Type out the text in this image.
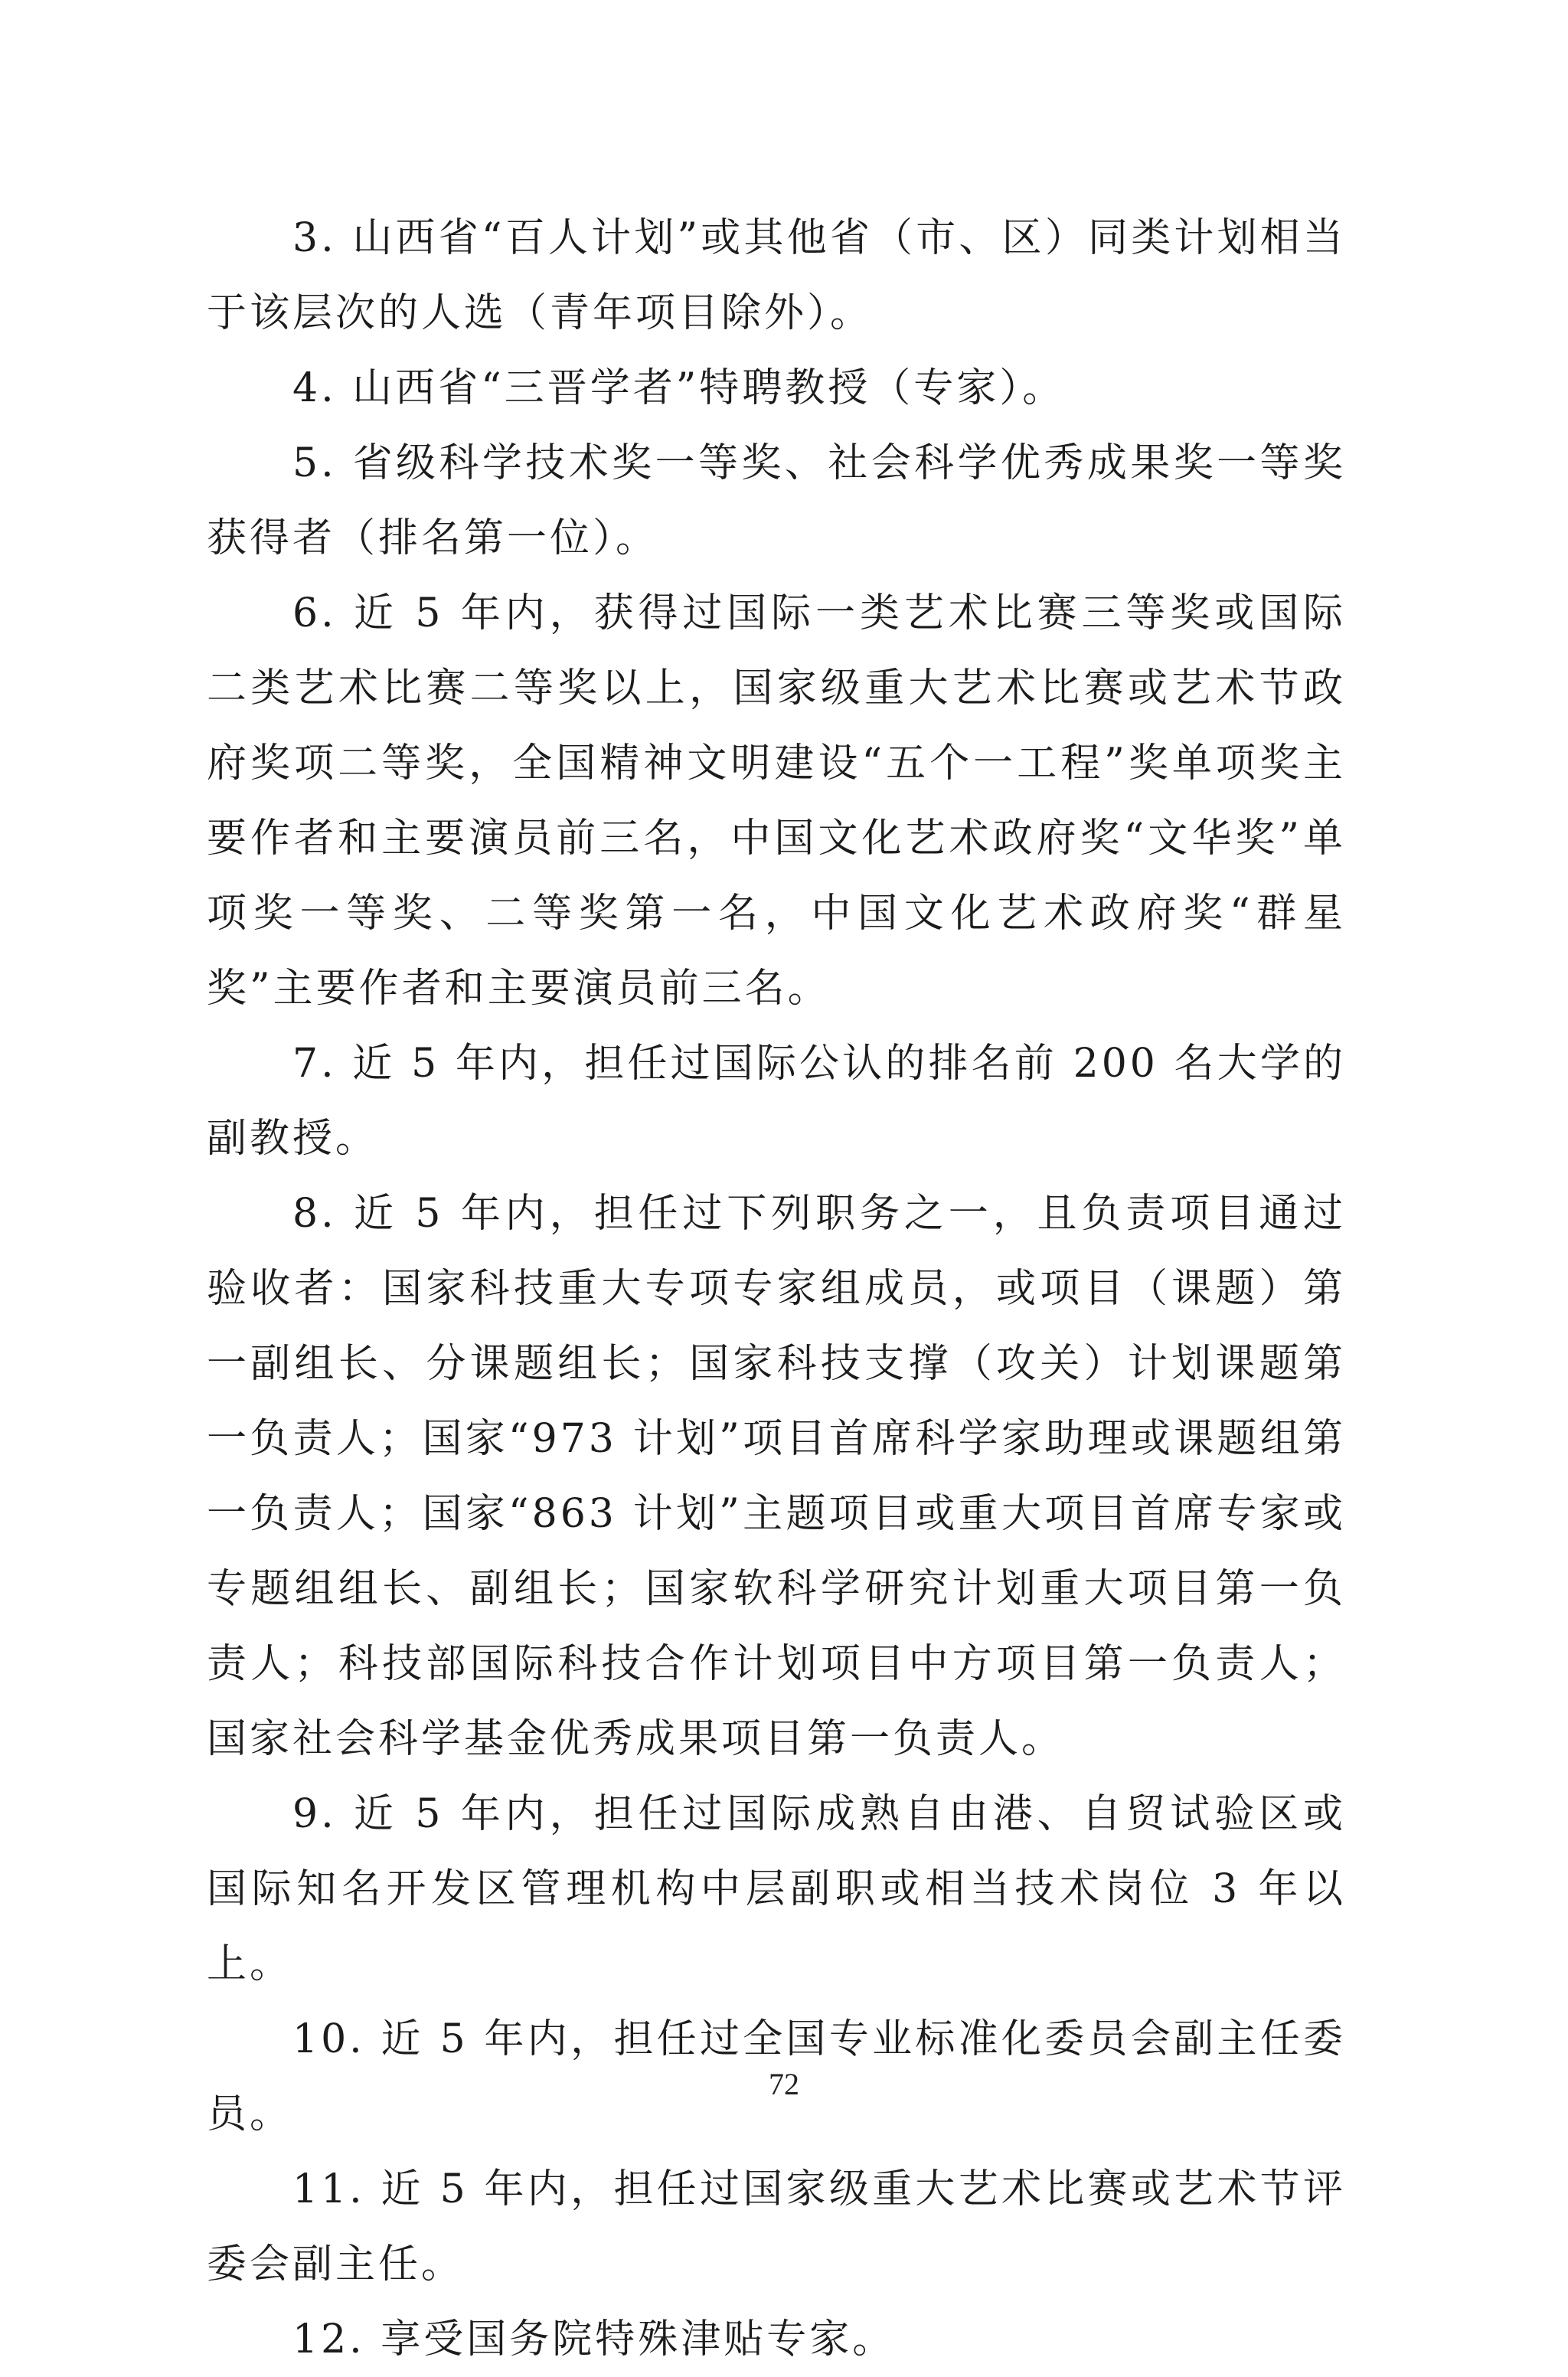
3. 山西省“百人计划”或其他省（市、区）同类计划相当于该层次的人选（青年项目除外）。

4. 山西省“三晋学者”特聘教授（专家）。

5. 省级科学技术奖一等奖、社会科学优秀成果奖一等奖获得者（排名第一位）。

6. 近 5 年内，获得过国际一类艺术比赛三等奖或国际二类艺术比赛二等奖以上，国家级重大艺术比赛或艺术节政府奖项二等奖，全国精神文明建设“五个一工程”奖单项奖主要作者和主要演员前三名，中国文化艺术政府奖“文华奖”单项奖一等奖、二等奖第一名，中国文化艺术政府奖“群星奖”主要作者和主要演员前三名。

7. 近 5 年内，担任过国际公认的排名前 200 名大学的副教授。

8. 近 5 年内，担任过下列职务之一，且负责项目通过验收者：国家科技重大专项专家组成员，或项目（课题）第一副组长、分课题组长；国家科技支撑（攻关）计划课题第一负责人；国家“973 计划”项目首席科学家助理或课题组第一负责人；国家“863 计划”主题项目或重大项目首席专家或专题组组长、副组长；国家软科学研究计划重大项目第一负责人；科技部国际科技合作计划项目中方项目第一负责人；国家社会科学基金优秀成果项目第一负责人。

9. 近 5 年内，担任过国际成熟自由港、自贸试验区或国际知名开发区管理机构中层副职或相当技术岗位 3 年以上。

10. 近 5 年内，担任过全国专业标准化委员会副主任委员。

11. 近 5 年内，担任过国家级重大艺术比赛或艺术节评委会副主任。

12. 享受国务院特殊津贴专家。

72
